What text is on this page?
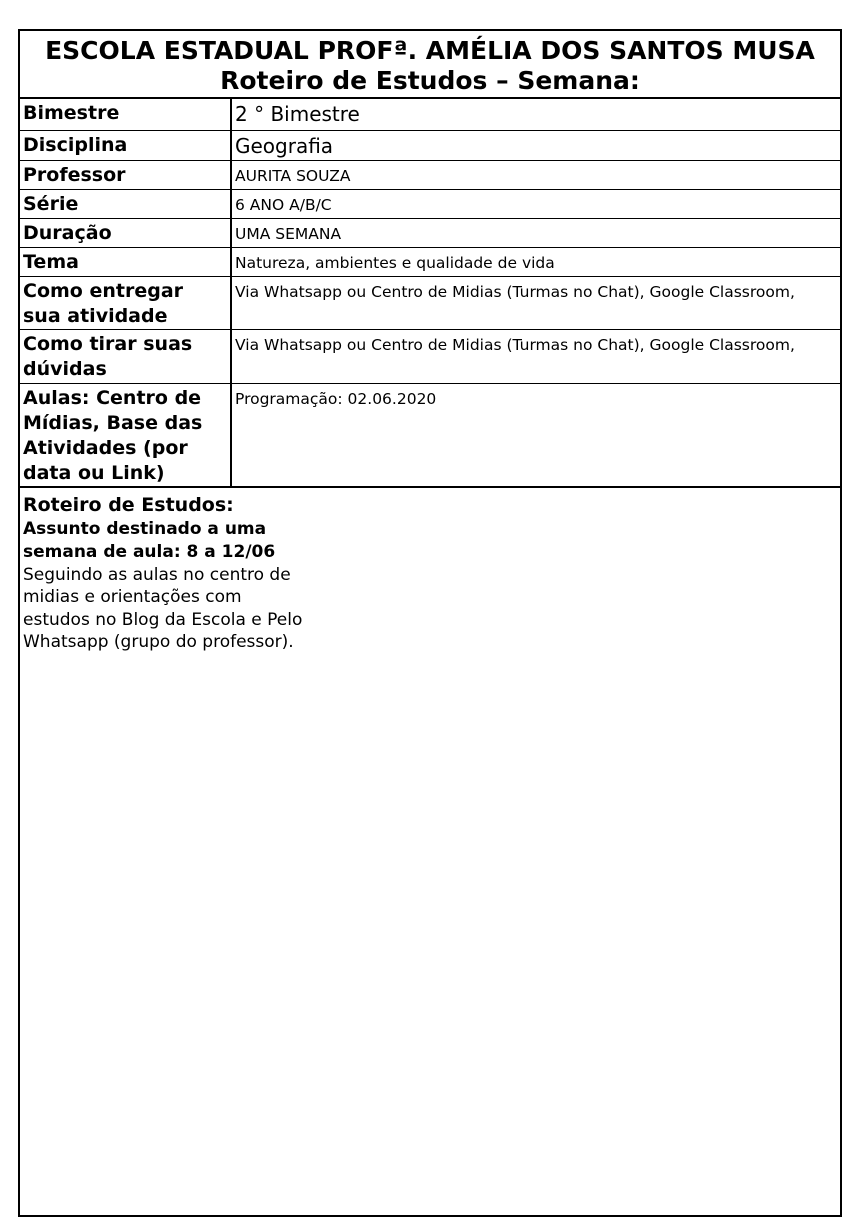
ESCOLA ESTADUAL PROFª. AMÉLIA DOS SANTOS MUSA
Roteiro de Estudos – Semana:
Bimestre	2 ° Bimestre
Disciplina	Geografia
Professor	AURITA SOUZA
Série	6 ANO A/B/C
Duração	UMA SEMANA
Tema	Natureza, ambientes e qualidade de vida
Como entregar sua atividade	Via Whatsapp ou Centro de Midias (Turmas no Chat), Google Classroom,
Como tirar suas dúvidas	Via Whatsapp ou Centro de Midias (Turmas no Chat), Google Classroom,
Aulas: Centro de Mídias, Base das Atividades (por data ou Link)	Programação: 02.06.2020
Roteiro de Estudos:
Assunto destinado a uma semana de aula: 8 a 12/06
Seguindo as aulas no centro de midias e orientações com estudos no Blog da Escola e Pelo Whatsapp (grupo do professor).
